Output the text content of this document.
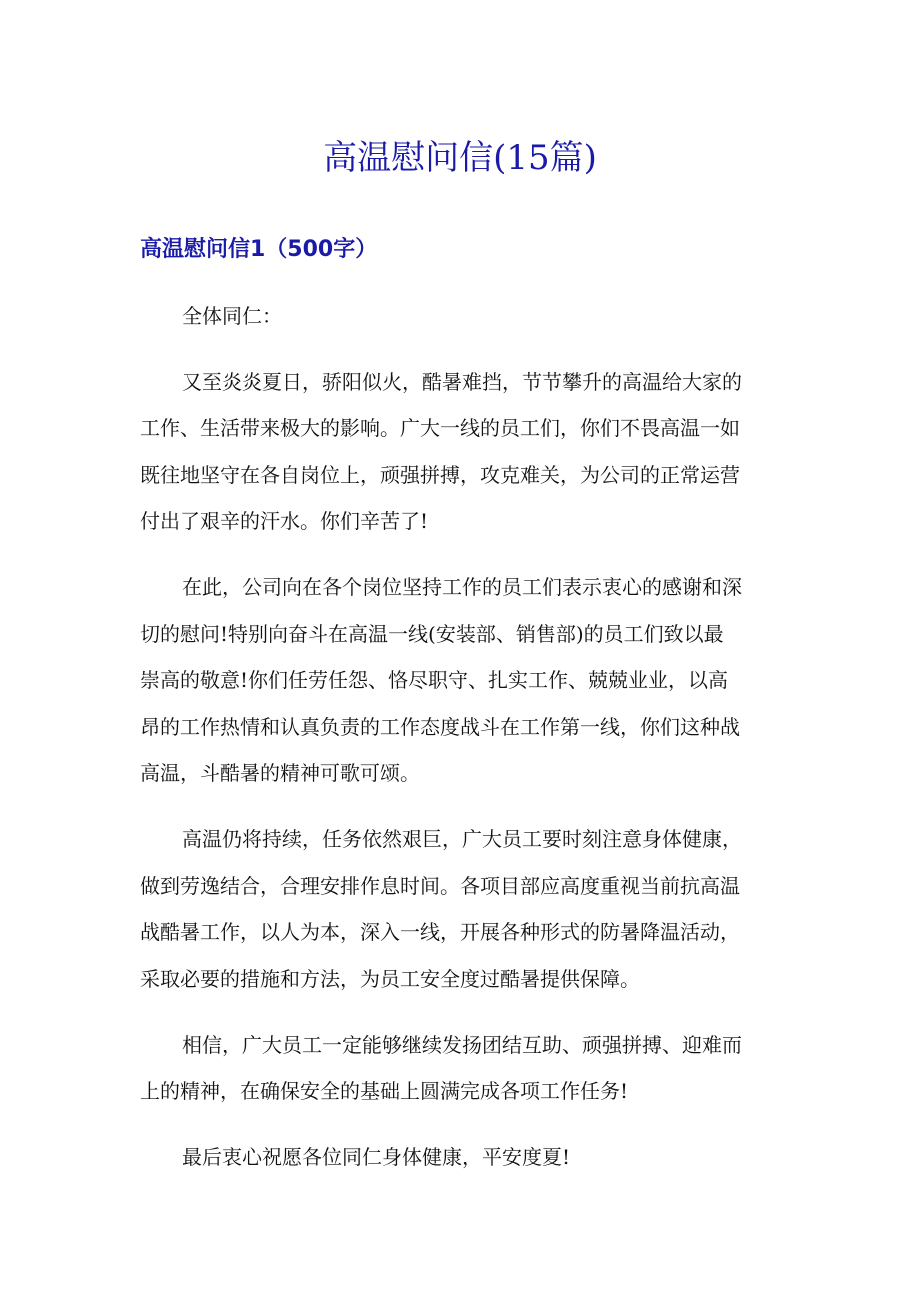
高温慰问信(15篇)
高温慰问信1（500字）
全体同仁：
又至炎炎夏日，骄阳似火，酷暑难挡，节节攀升的高温给大家的
工作、生活带来极大的影响。广大一线的员工们，你们不畏高温一如
既往地坚守在各自岗位上，顽强拼搏，攻克难关，为公司的正常运营
付出了艰辛的汗水。你们辛苦了!
在此，公司向在各个岗位坚持工作的员工们表示衷心的感谢和深
切的慰问!特别向奋斗在高温一线(安装部、销售部)的员工们致以最
崇高的敬意!你们任劳任怨、恪尽职守、扎实工作、兢兢业业，以高
昂的工作热情和认真负责的工作态度战斗在工作第一线，你们这种战
高温，斗酷暑的精神可歌可颂。
高温仍将持续，任务依然艰巨，广大员工要时刻注意身体健康，
做到劳逸结合，合理安排作息时间。各项目部应高度重视当前抗高温
战酷暑工作，以人为本，深入一线，开展各种形式的防暑降温活动，
采取必要的措施和方法，为员工安全度过酷暑提供保障。
相信，广大员工一定能够继续发扬团结互助、顽强拼搏、迎难而
上的精神，在确保安全的基础上圆满完成各项工作任务!
最后衷心祝愿各位同仁身体健康，平安度夏!
